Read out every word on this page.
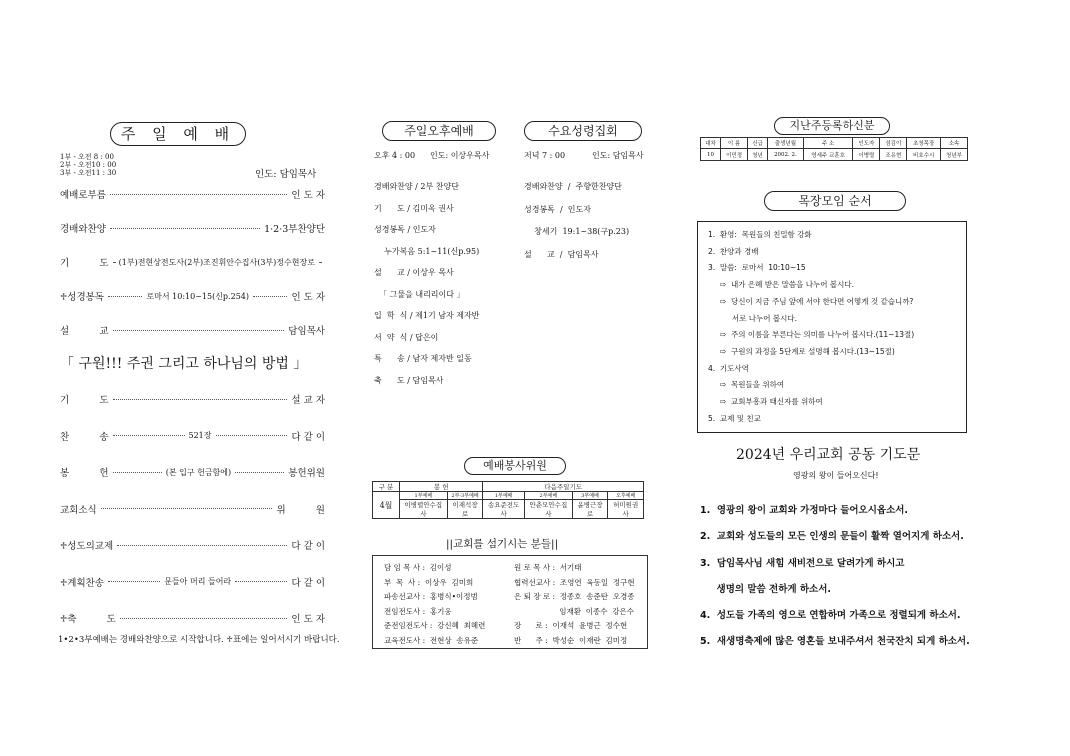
주 일 예 배
1부 - 오전 8 : 00
2부 - 오전10 : 00
3부 - 오전11 : 30	인도: 담임목사
예배로부름	인 도 자
경배와찬양	1·2·3부찬양단
기          도 (1부)전현상전도사(2부)조진휘안수집사(3부)정수현장로
♱성경봉독	로마서 10:10~15(신p.254)	인 도 자
설          교	담임목사
「 구원!!! 주권 그리고 하나님의 방법 」
기          도	설 교 자
찬          송	521장	다 같 이
봉          헌	(본 입구 헌금함에)	봉헌위원
교회소식	위          원
♱성도의교제	다 같 이
♱계획찬송	문들아 머리 들어라	다 같 이
♱축          도	인 도 자
1•2•3부예배는 경배와찬양으로 시작합니다. ♱표에는 일어서시기 바랍니다.
주일오후예배	수요성령집회
오후 4 : 00 인도: 이상우목사	저녁 7 : 00	인도: 담임목사
경배와찬양 / 2부 찬양단
기      도 / 김미옥 권사
성경봉독 / 인도자
누가복음 5:1~11(신p.95)
설      교 / 이상우 목사
「 그물을 내리리이다 」
입  학  식 / 제1기 남자 제자반
서  약  식 / 답은이
특      송 / 남자 제자반 일동
축      도 / 담임목사
경배와찬양  /  주향한찬양단
성경봉독  /  인도자
창세기  19:1~38(구p.23)
설      교  /  담임목사
예배봉사위원
구 분	봉 헌		다음주일기도			
4월	1부예배	2부·3부예배	1부예배	2부예배	3부예배	오후예배
	이병렬안수집사	이재석장로	송요준전도사	안춘모안수집사	윤병근장로	허미원권사
||교회를 섬기시는 분들||
담 임 목 사 :  김이성
부  목  사 :  이상우  김미희
파송선교사 :  홍병식•이정범
전임전도사 :  홍기웅
준전임전도사 :  강신혜  최혜련
교육전도사 :  전현상  송유준
원 로 목 사 :  서기태
협력선교사 :  조영연  육동일  정구현
은 퇴 장 로 :  정종호  송준탄  오경종
임재환  이종수  강은수
장      로 :  이재석  윤병근  정수현
반      주 :  박성순  이재란  김미정
지난주등록하신분
대차	이 름	신급	출생년월	주 소	인도자	섬김이	초청목장	소속
10	이민정	청년	2002. 2.	영세주 교훈호	이병렬	조유현	비호수시	청년부
목장모임 순서
1.  환영:  목원들의 친밀함 강화
2.  찬양과 경배
3.  말씀:  로마서  10:10~15
⇨  내가 은혜 받은 말씀을 나누어 봅시다.
⇨  당신이 지금 주님 앞에 서야 한다면 어떻게 것 같습니까?
서로 나누어 봅시다.
⇨  주의 이름을 부른다는 의미를 나누어 봅시다.(11~13절)
⇨  구원의 과정을 5단계로 설명해 봅시다.(13~15절)
4.  기도사역
⇨  목원들을 위하여
⇨  교회부흥과 태신자를 위하여
5.  교제 및 친교
2024년 우리교회 공동 기도문
영광의 왕이 들어오신다!
1.  영광의 왕이 교회와 가정마다 들어오시옵소서.
2.  교회와 성도들의 모든 인생의 문들이 활짝 열어지게 하소서.
3.  담임목사님 새힘 새비전으로 달려가게 하시고
생명의 말씀 전하게 하소서.
4.  성도들 가족의 영으로 연합하며 가족으로 정렬되게 하소서.
5.  새생명축제에 많은 영혼들 보내주셔서 천국잔치 되게 하소서.
